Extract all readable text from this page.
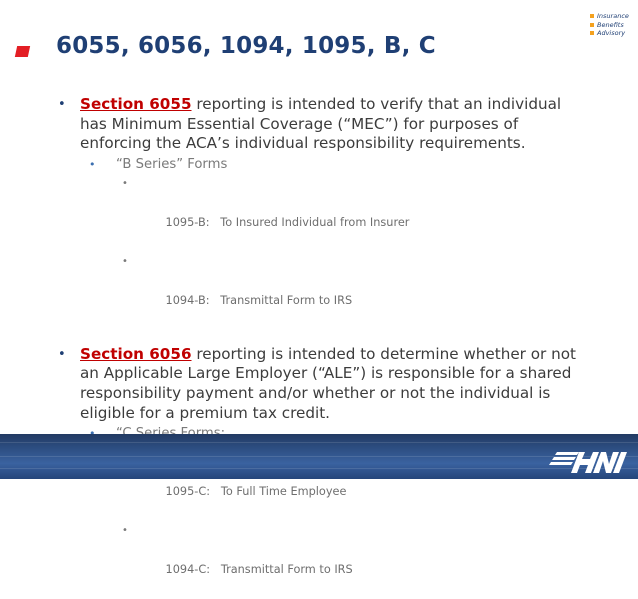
Insurance
Benefits
Advisory
6055, 6056, 1094, 1095, B, C
• Section 6055 reporting is intended to verify that an individual has Minimum Essential Coverage (“MEC”) for purposes of enforcing the ACA’s individual responsibility requirements.
• “B Series” Forms

•

1095-B:   To Insured Individual from Insurer

•

1094-B:   Transmittal Form to IRS

• Section 6056 reporting is intended to determine whether or not an Applicable Large Employer (“ALE”) is responsible for a shared responsibility payment and/or whether or not the individual is eligible for a premium tax credit.

1095-C:   To Full Time Employee

•

1094-C:   Transmittal Form to IRS
